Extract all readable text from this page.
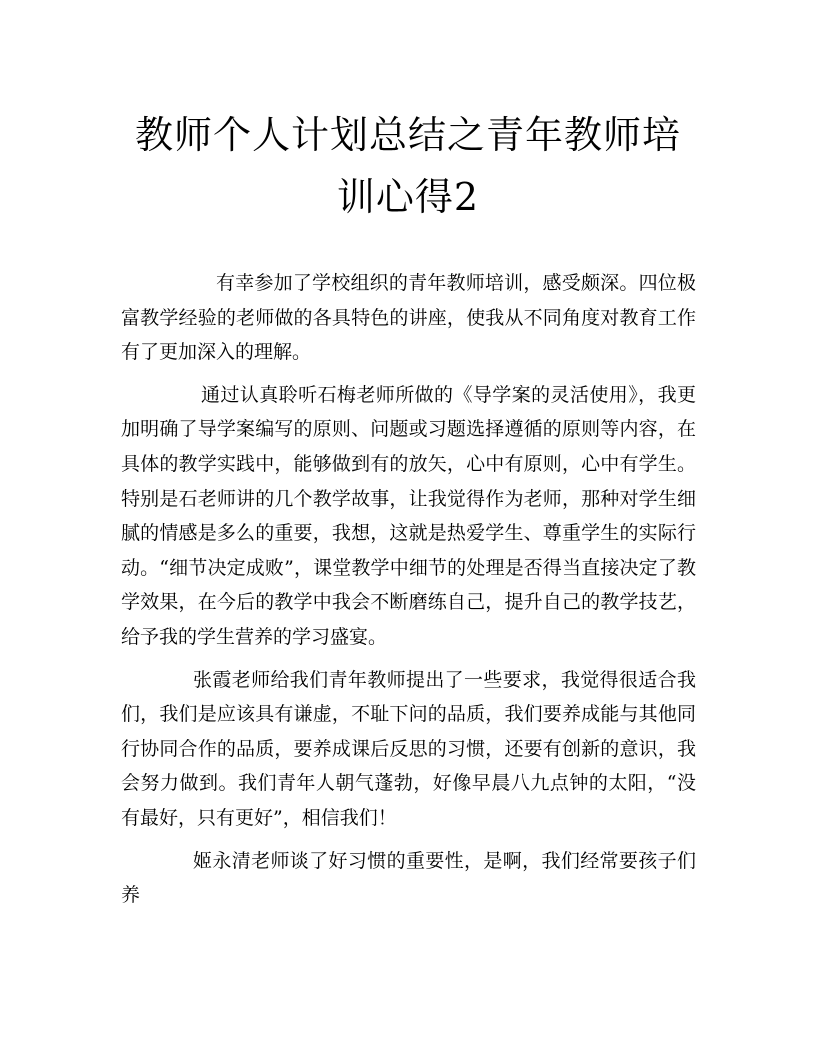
教师个人计划总结之青年教师培训心得2

有幸参加了学校组织的青年教师培训，感受颇深。四位极富教学经验的老师做的各具特色的讲座，使我从不同角度对教育工作有了更加深入的理解。

通过认真聆听石梅老师所做的《导学案的灵活使用》，我更加明确了导学案编写的原则、问题或习题选择遵循的原则等内容，在具体的教学实践中，能够做到有的放矢，心中有原则，心中有学生。特别是石老师讲的几个教学故事，让我觉得作为老师，那种对学生细腻的情感是多么的重要，我想，这就是热爱学生、尊重学生的实际行动。“细节决定成败”，课堂教学中细节的处理是否得当直接决定了教学效果，在今后的教学中我会不断磨练自己，提升自己的教学技艺，给予我的学生营养的学习盛宴。

张霞老师给我们青年教师提出了一些要求，我觉得很适合我们，我们是应该具有谦虚，不耻下问的品质，我们要养成能与其他同行协同合作的品质，要养成课后反思的习惯，还要有创新的意识，我会努力做到。我们青年人朝气蓬勃，好像早晨八九点钟的太阳，“没有最好，只有更好”，相信我们！

姬永清老师谈了好习惯的重要性，是啊，我们经常要孩子们养
